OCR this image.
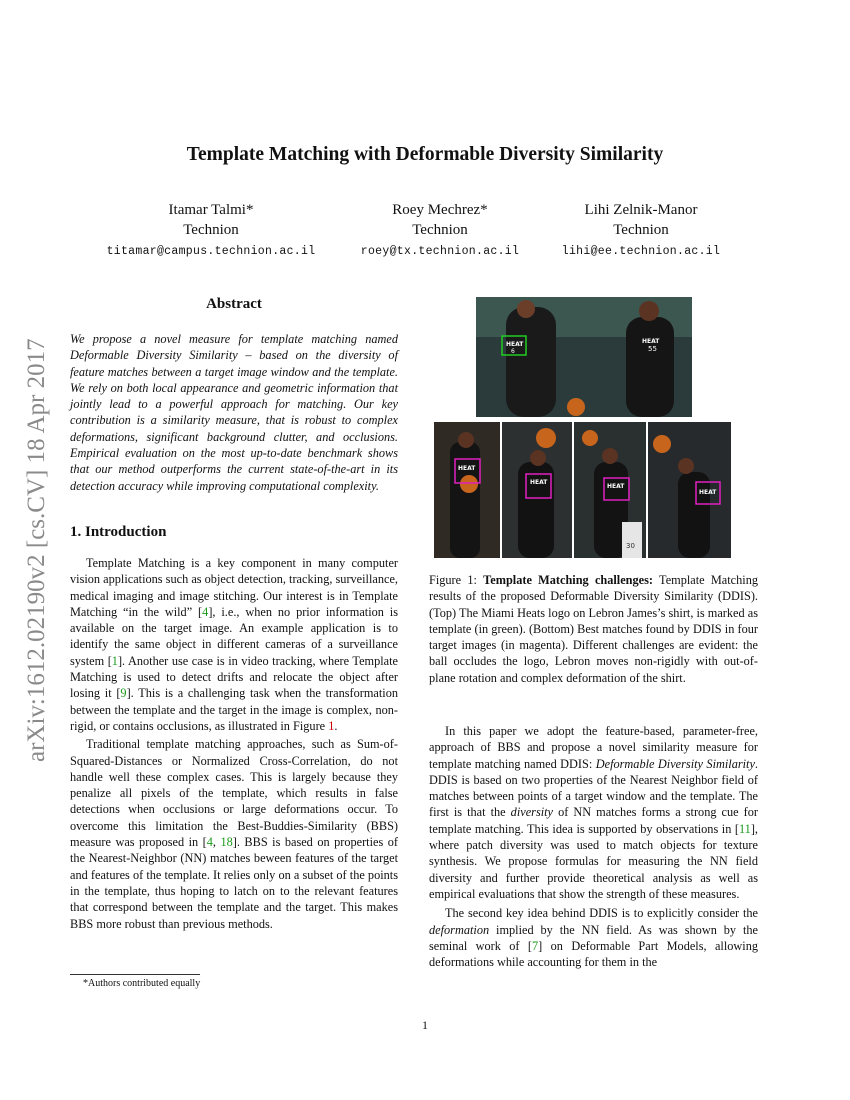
Template Matching with Deformable Diversity Similarity
Itamar Talmi*
Technion
titamar@campus.technion.ac.il
Roey Mechrez*
Technion
roey@tx.technion.ac.il
Lihi Zelnik-Manor
Technion
lihi@ee.technion.ac.il
arXiv:1612.02190v2 [cs.CV] 18 Apr 2017
Abstract
We propose a novel measure for template matching named Deformable Diversity Similarity – based on the diversity of feature matches between a target image window and the template. We rely on both local appearance and geometric information that jointly lead to a powerful approach for matching. Our key contribution is a similarity measure, that is robust to complex deformations, significant background clutter, and occlusions. Empirical evaluation on the most up-to-date benchmark shows that our method outperforms the current state-of-the-art in its detection accuracy while improving computational complexity.
1. Introduction

Template Matching is a key component in many computer vision applications such as object detection, tracking, surveillance, medical imaging and image stitching. Our interest is in Template Matching “in the wild” [4], i.e., when no prior information is available on the target image. An example application is to identify the same object in different cameras of a surveillance system [1]. Another use case is in video tracking, where Template Matching is used to detect drifts and relocate the object after losing it [9]. This is a challenging task when the transformation between the template and the target in the image is complex, non-rigid, or contains occlusions, as illustrated in Figure 1.

Traditional template matching approaches, such as Sum-of-Squared-Distances or Normalized Cross-Correlation, do not handle well these complex cases. This is largely because they penalize all pixels of the template, which results in false detections when occlusions or large deformations occur. To overcome this limitation the Best-Buddies-Similarity (BBS) measure was proposed in [4, 18]. BBS is based on properties of the Nearest-Neighbor (NN) matches beween features of the target and features of the template. It relies only on a subset of the points in the template, thus hoping to latch on to the relevant features that correspond between the template and the target. This makes BBS more robust than previous methods.

*Authors contributed equally
HEAT
6
HEAT
55
HEAT
HEAT
30
HEAT
HEAT
Figure 1: Template Matching challenges: Template Matching results of the proposed Deformable Diversity Similarity (DDIS). (Top) The Miami Heats logo on Lebron James’s shirt, is marked as template (in green). (Bottom) Best matches found by DDIS in four target images (in magenta). Different challenges are evident: the ball occludes the logo, Lebron moves non-rigidly with out-of-plane rotation and complex deformation of the shirt.

In this paper we adopt the feature-based, parameter-free, approach of BBS and propose a novel similarity measure for template matching named DDIS: Deformable Diversity Similarity. DDIS is based on two properties of the Nearest Neighbor field of matches between points of a target window and the template. The first is that the diversity of NN matches forms a strong cue for template matching. This idea is supported by observations in [11], where patch diversity was used to match objects for texture synthesis. We propose formulas for measuring the NN field diversity and further provide theoretical analysis as well as empirical evaluations that show the strength of these measures.

The second key idea behind DDIS is to explicitly consider the deformation implied by the NN field. As was shown by the seminal work of [7] on Deformable Part Models, allowing deformations while accounting for them in the

1
